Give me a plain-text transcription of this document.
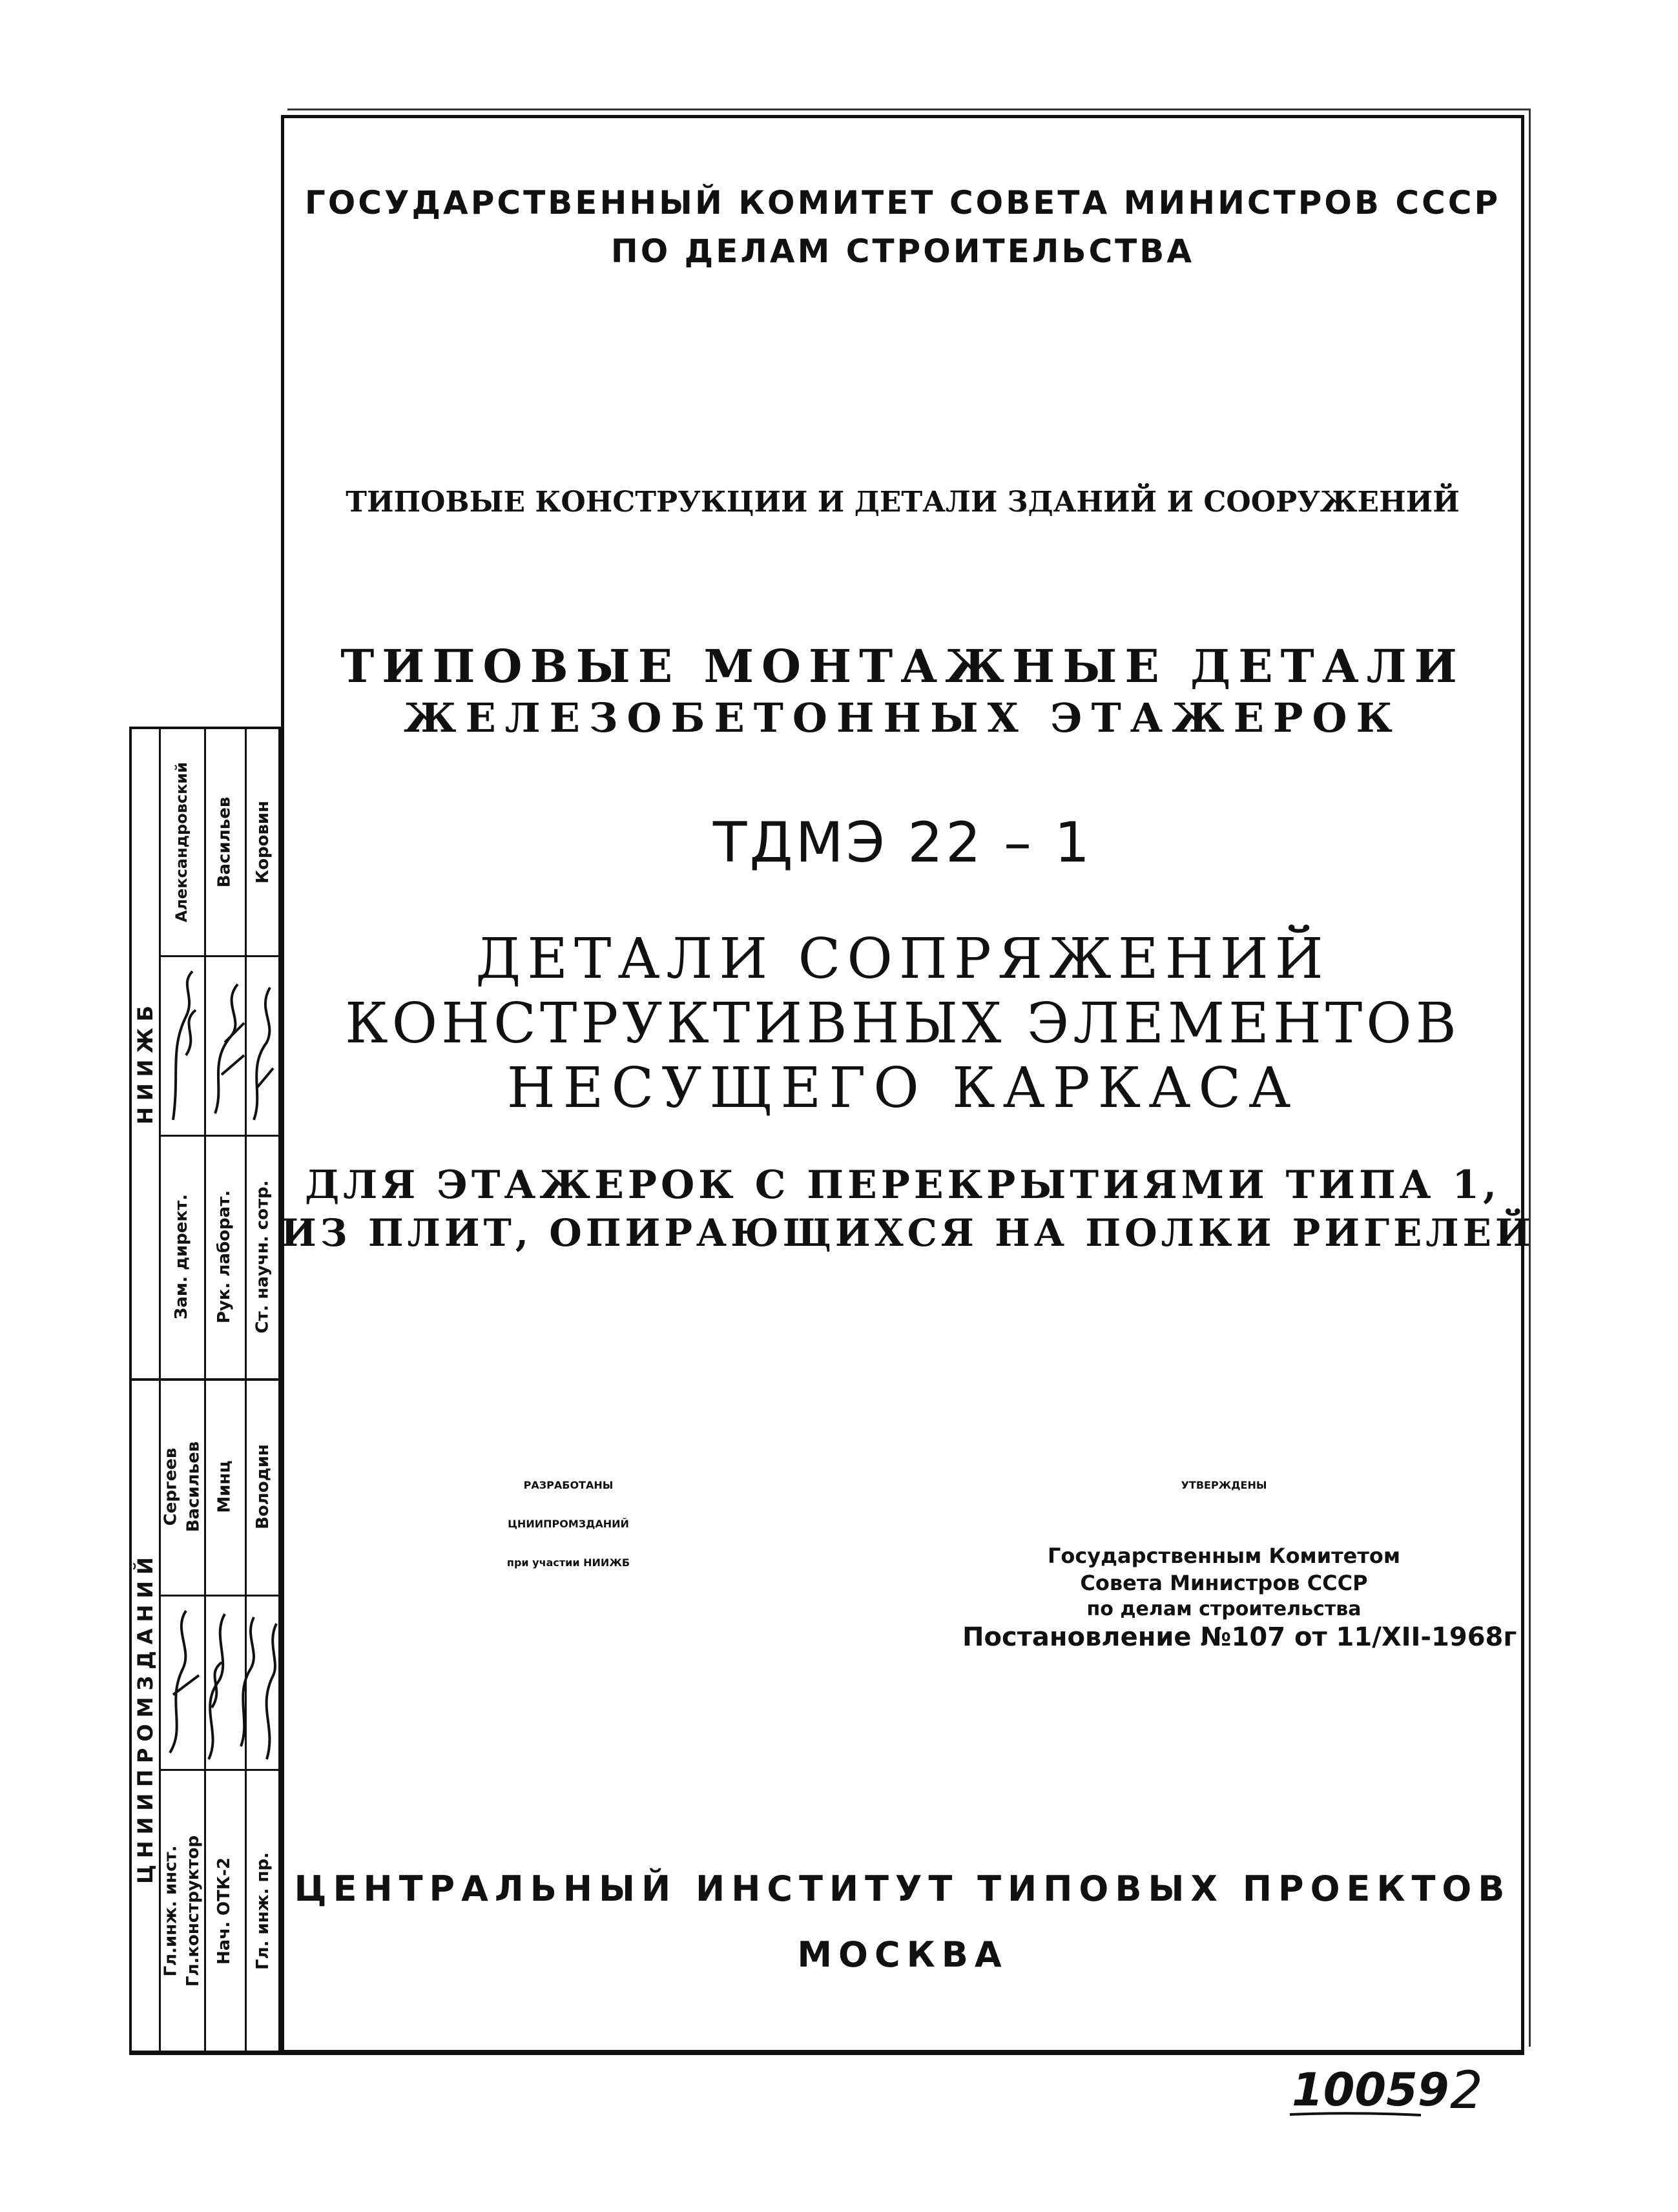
ГОСУДАРСТВЕННЫЙ КОМИТЕТ СОВЕТА МИНИСТРОВ СССР
ПО ДЕЛАМ СТРОИТЕЛЬСТВА
ТИПОВЫЕ КОНСТРУКЦИИ И ДЕТАЛИ ЗДАНИЙ И СООРУЖЕНИЙ
ТИПОВЫЕ МОНТАЖНЫЕ ДЕТАЛИ
ЖЕЛЕЗОБЕТОННЫХ ЭТАЖЕРОК
ТДМЭ 22 – 1
ДЕТАЛИ СОПРЯЖЕНИЙ
КОНСТРУКТИВНЫХ ЭЛЕМЕНТОВ
НЕСУЩЕГО КАРКАСА
ДЛЯ ЭТАЖЕРОК С ПЕРЕКРЫТИЯМИ ТИПА 1,
ИЗ ПЛИТ, ОПИРАЮЩИХСЯ НА ПОЛКИ РИГЕЛЕЙ
РАЗРАБОТАНЫ
ЦНИИПРОМЗДАНИЙ
при участии НИИЖБ
УТВЕРЖДЕНЫ
Государственным Комитетом
Совета Министров СССР
по делам строительства
Постановление №107 от 11/XII-1968г
ЦЕНТРАЛЬНЫЙ ИНСТИТУТ ТИПОВЫХ ПРОЕКТОВ
МОСКВА
10059 2
ЦНИИПРОМЗДАНИЙ
НИИЖБ
Гл.инж. инст. Гл.конструктор Нач. ОТК-2 Гл. инж. пр.
Сергеев Васильев Минц Володин
Зам. директ. Рук. лаборат. Ст. научн. сотр.
Александровский Васильев Коровин
